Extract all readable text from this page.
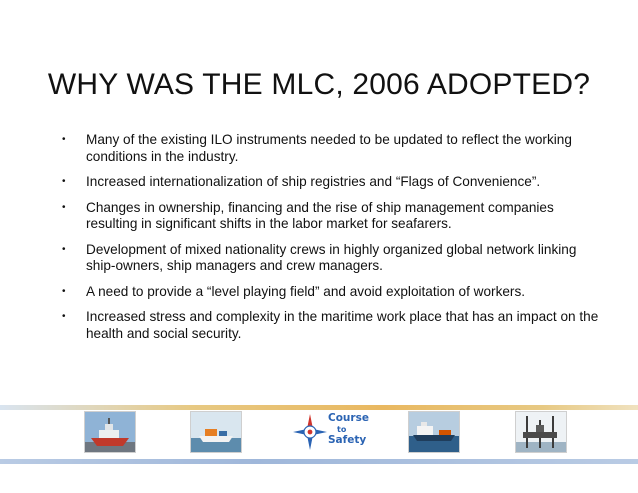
WHY WAS THE MLC, 2006 ADOPTED?
• Many of the existing ILO instruments needed to be updated to reflect the working conditions in the industry.
• Increased internationalization of ship registries and “Flags of Convenience”.
• Changes in ownership, financing and the rise of ship management companies resulting in significant shifts in the labor market for seafarers.
• Development of mixed nationality crews in highly organized global network linking ship-owners, ship managers and crew managers.
• A need to provide a “level playing field” and avoid exploitation of workers.
• Increased stress and complexity in the maritime work place that has an impact on the health and social security.
Course
to
Safety
